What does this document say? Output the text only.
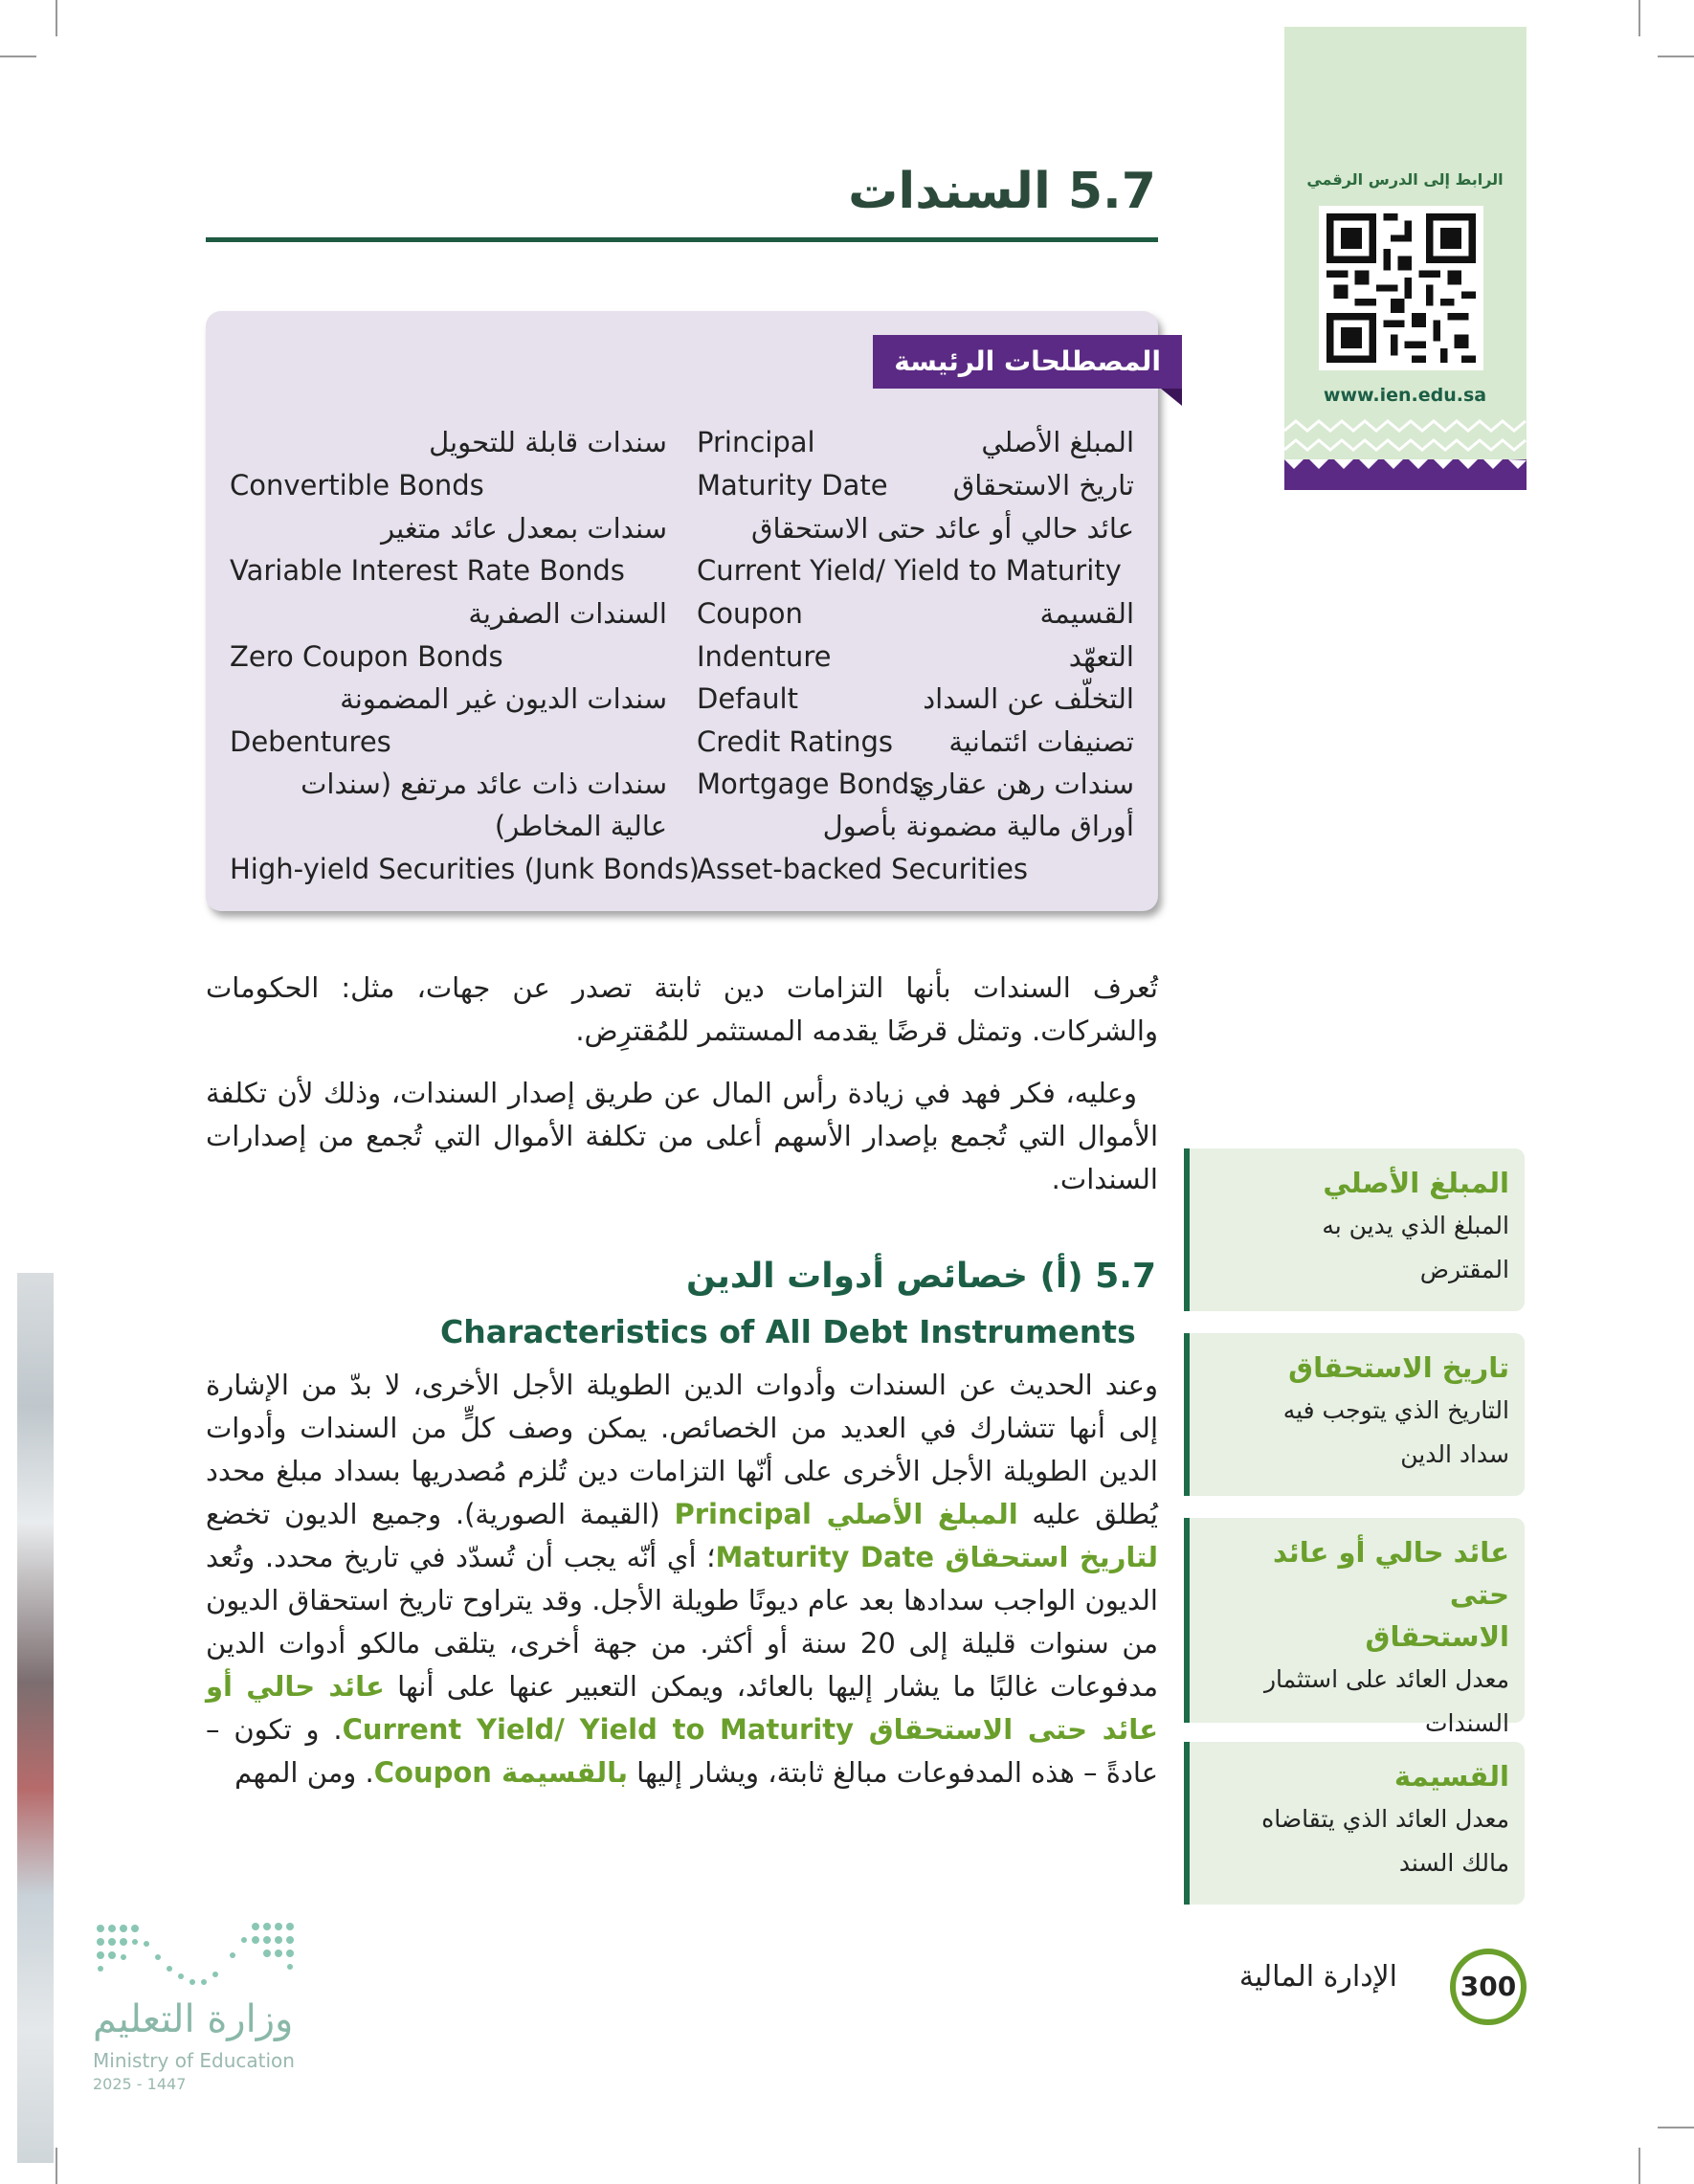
5.7 السندات	الرابط إلى الدرس الرقمي
www.ien.edu.sa
المصطلحات الرئيسة
المبلغ الأصلي
تاريخ الاستحقاق
عائد حالي أو عائد حتى الاستحقاق
القسيمة
التعهّد
التخلّف عن السداد
تصنيفات ائتمانية
سندات رهن عقاري
أوراق مالية مضمونة بأصول
Principal
Maturity Date
Current Yield/ Yield to Maturity
Coupon
Indenture
Default
Credit Ratings
Mortgage Bonds
Asset-backed Securities
سندات قابلة للتحويل
Convertible Bonds
سندات بمعدل عائد متغير
Variable Interest Rate Bonds
السندات الصفرية
Zero Coupon Bonds
سندات الديون غير المضمونة
Debentures
سندات ذات عائد مرتفع (سندات
عالية المخاطر)
High-yield Securities (Junk Bonds)
تُعرف السندات بأنها التزامات دين ثابتة تصدر عن جهات، مثل: الحكومات والشركات. وتمثل قرضًا يقدمه المستثمر للمُقترِض.
وعليه، فكر فهد في زيادة رأس المال عن طريق إصدار السندات، وذلك لأن تكلفة الأموال التي تُجمع بإصدار الأسهم أعلى من تكلفة الأموال التي تُجمع من إصدارات السندات.
5.7 (أ) خصائص أدوات الدين
Characteristics of All Debt Instruments
وعند الحديث عن السندات وأدوات الدين الطويلة الأجل الأخرى، لا بدّ من الإشارة إلى أنها تتشارك في العديد من الخصائص. يمكن وصف كلٍّ من السندات وأدوات الدين الطويلة الأجل الأخرى على أنّها التزامات دين تُلزم مُصدريها بسداد مبلغ محدد يُطلق عليه المبلغ الأصلي Principal (القيمة الصورية). وجميع الديون تخضع لتاريخ استحقاق Maturity Date؛ أي أنّه يجب أن تُسدّد في تاريخ محدد. وتُعد الديون الواجب سدادها بعد عام ديونًا طويلة الأجل. وقد يتراوح تاريخ استحقاق الديون من سنوات قليلة إلى 20 سنة أو أكثر. من جهة أخرى، يتلقى مالكو أدوات الدين مدفوعات غالبًا ما يشار إليها بالعائد، ويمكن التعبير عنها على أنها عائد حالي أو عائد حتى الاستحقاق Current Yield/ Yield to Maturity. و تكون – عادةً – هذه المدفوعات مبالغ ثابتة، ويشار إليها بالقسيمة Coupon. ومن المهم
المبلغ الأصلي
المبلغ الذي يدين به
المقترض
تاريخ الاستحقاق
التاريخ الذي يتوجب فيه
سداد الدين
عائد حالي أو عائد حتى
الاستحقاق
معدل العائد على استثمار
السندات
القسيمة
معدل العائد الذي يتقاضاه
مالك السند
300
الإدارة المالية
وزارة التعليم
Ministry of Education
2025 - 1447
